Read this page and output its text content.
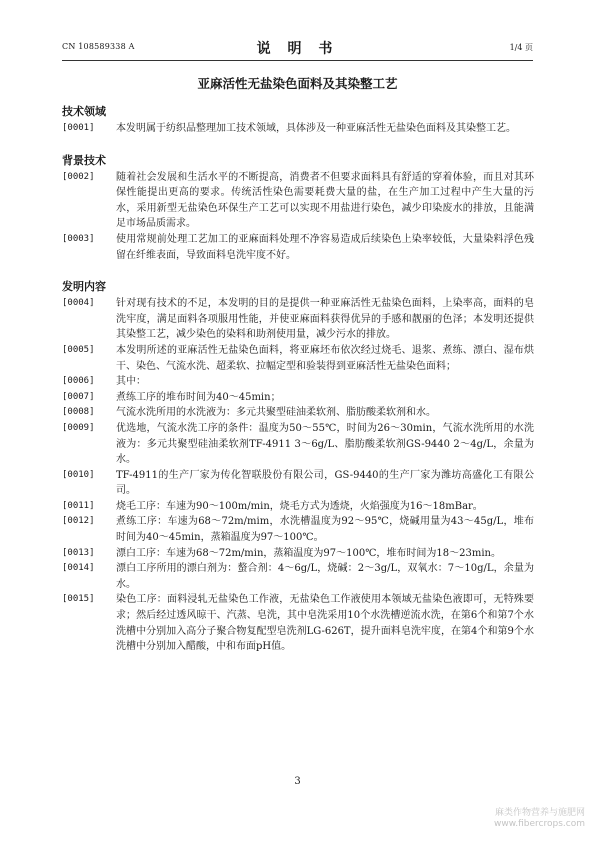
CN 108589338 A	说 明 书	1/4 页
亚麻活性无盐染色面料及其染整工艺
技术领域
[0001]	本发明属于纺织品整理加工技术领域，具体涉及一种亚麻活性无盐染色面料及其染整工艺。
背景技术
[0002]	随着社会发展和生活水平的不断提高，消费者不但要求面料具有舒适的穿着体验，而且对其环保性能提出更高的要求。传统活性染色需要耗费大量的盐，在生产加工过程中产生大量的污水，采用新型无盐染色环保生产工艺可以实现不用盐进行染色，减少印染废水的排放，且能满足市场品质需求。
[0003]	使用常规前处理工艺加工的亚麻面料处理不净容易造成后续染色上染率较低，大量染料浮色残留在纤维表面，导致面料皂洗牢度不好。
发明内容
[0004]	针对现有技术的不足，本发明的目的是提供一种亚麻活性无盐染色面料，上染率高，面料的皂洗牢度，满足面料各项服用性能，并使亚麻面料获得优异的手感和靓丽的色泽；本发明还提供其染整工艺，减少染色的染料和助剂使用量，减少污水的排放。
[0005]	本发明所述的亚麻活性无盐染色面料，将亚麻坯布依次经过烧毛、退浆、煮练、漂白、湿布烘干、染色、气流水洗、超柔软、拉幅定型和验装得到亚麻活性无盐染色面料；
[0006]	其中：
[0007]	煮练工序的堆布时间为40～45min；
[0008]	气流水洗所用的水洗液为：多元共聚型硅油柔软剂、脂肪酸柔软剂和水。
[0009]	优选地，气流水洗工序的条件：温度为50～55℃，时间为26～30min，气流水洗所用的水洗液为：多元共聚型硅油柔软剂TF-4911 3～6g/L、脂肪酸柔软剂GS-9440 2～4g/L，余量为水。
[0010]	TF-4911的生产厂家为传化智联股份有限公司，GS-9440的生产厂家为潍坊高盛化工有限公司。
[0011]	烧毛工序：车速为90～100m/min，烧毛方式为透烧，火焰强度为16～18mBar。
[0012]	煮练工序：车速为68～72m/mim，水洗槽温度为92～95℃，烧碱用量为43～45g/L，堆布时间为40～45min，蒸箱温度为97～100℃。
[0013]	漂白工序：车速为68～72m/min，蒸箱温度为97～100℃，堆布时间为18～23min。
[0014]	漂白工序所用的漂白剂为：螯合剂：4～6g/L，烧碱：2～3g/L，双氧水：7～10g/L，余量为水。
[0015]	染色工序：面料浸轧无盐染色工作液，无盐染色工作液使用本领域无盐染色液即可，无特殊要求；然后经过透风晾干、汽蒸、皂洗，其中皂洗采用10个水洗槽逆流水洗，在第6个和第7个水洗槽中分别加入高分子聚合物复配型皂洗剂LG-626T，提升面料皂洗牢度，在第4个和第9个水洗槽中分别加入醋酸，中和布面pH值。
3
麻类作物营养与施肥网
www.fibercrops.com
